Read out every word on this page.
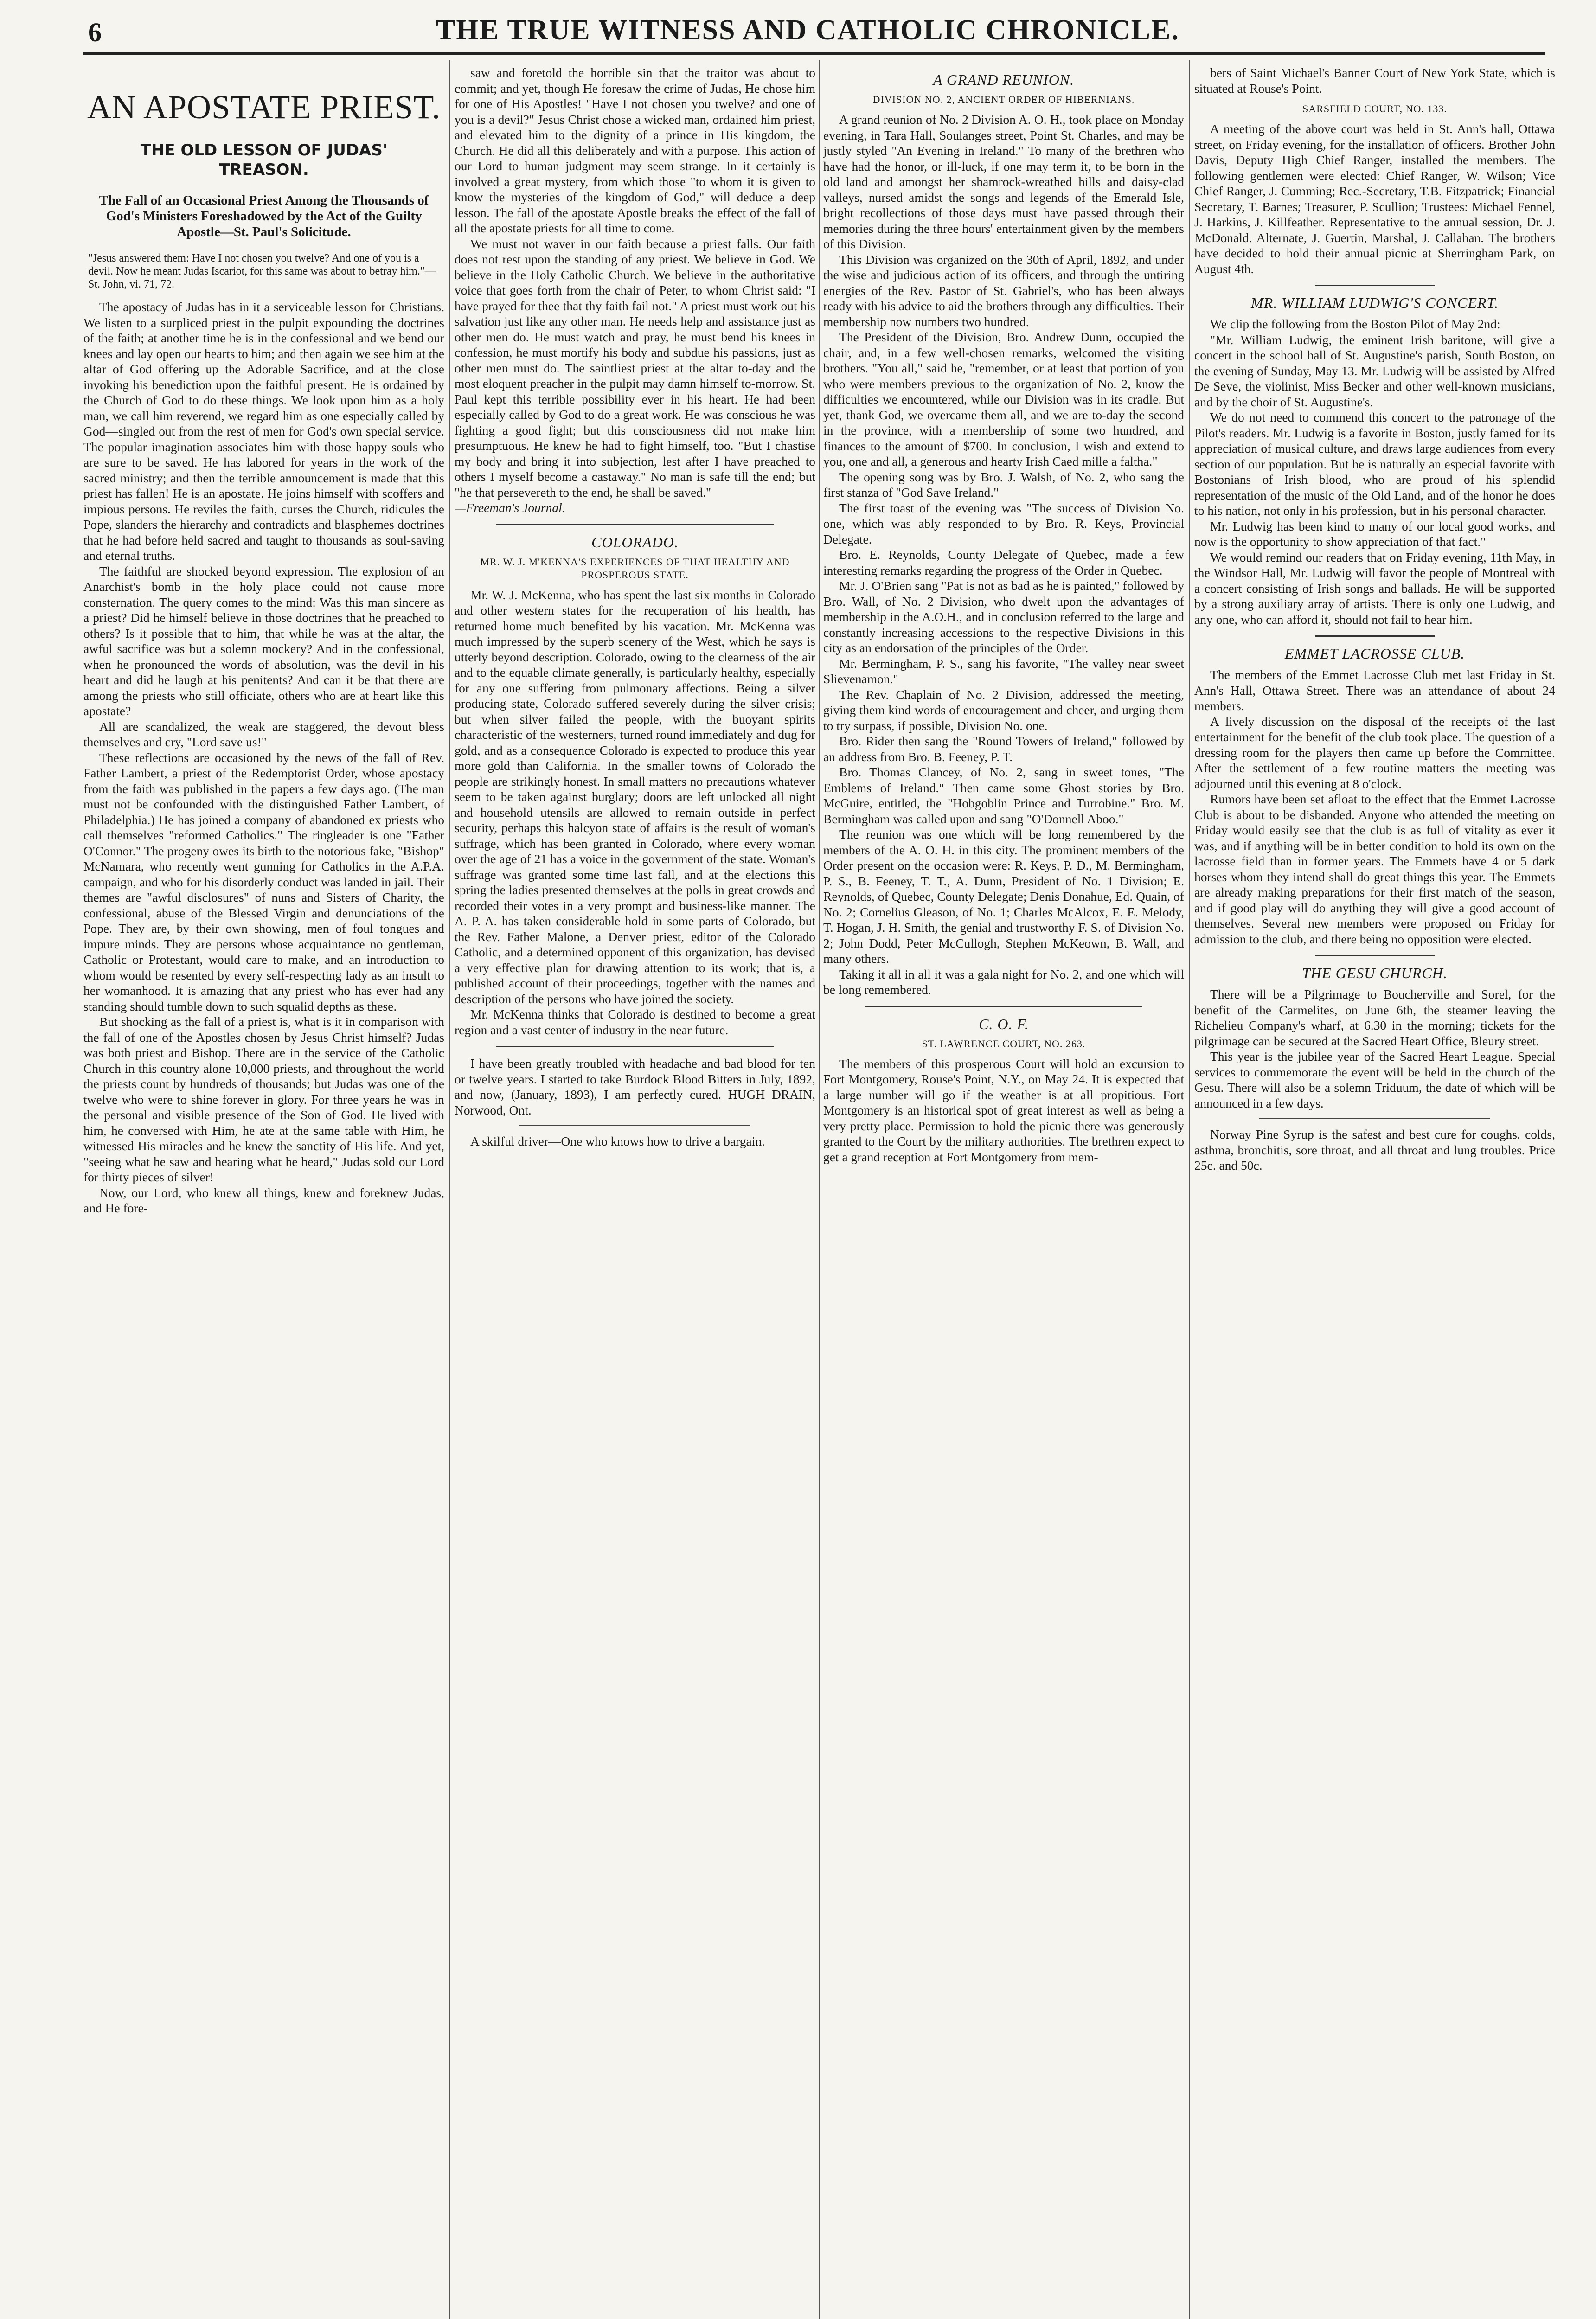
6	THE TRUE WITNESS AND CATHOLIC CHRONICLE.
AN APOSTATE PRIEST.
THE OLD LESSON OF JUDAS' TREASON.
The Fall of an Occasional Priest Among the Thousands of God's Ministers Foreshadowed by the Act of the Guilty Apostle—St. Paul's Solicitude.
"Jesus answered them: Have I not chosen you twelve? And one of you is a devil. Now he meant Judas Iscariot, for this same was about to betray him."—St. John, vi. 71, 72.

The apostacy of Judas has in it a serviceable lesson for Christians. We listen to a surpliced priest in the pulpit expounding the doctrines of the faith; at another time he is in the confessional and we bend our knees and lay open our hearts to him; and then again we see him at the altar of God offering up the Adorable Sacrifice, and at the close invoking his benediction upon the faithful present. He is ordained by the Church of God to do these things. We look upon him as a holy man, we call him reverend, we regard him as one especially called by God—singled out from the rest of men for God's own special service. The popular imagination associates him with those happy souls who are sure to be saved. He has labored for years in the work of the sacred ministry; and then the terrible announcement is made that this priest has fallen! He is an apostate. He joins himself with scoffers and impious persons. He reviles the faith, curses the Church, ridicules the Pope, slanders the hierarchy and contradicts and blasphemes doctrines that he had before held sacred and taught to thousands as soul-saving and eternal truths.

The faithful are shocked beyond expression. The explosion of an Anarchist's bomb in the holy place could not cause more consternation. The query comes to the mind: Was this man sincere as a priest? Did he himself believe in those doctrines that he preached to others? Is it possible that to him, that while he was at the altar, the awful sacrifice was but a solemn mockery? And in the confessional, when he pronounced the words of absolution, was the devil in his heart and did he laugh at his penitents? And can it be that there are among the priests who still officiate, others who are at heart like this apostate?

All are scandalized, the weak are staggered, the devout bless themselves and cry, "Lord save us!"

These reflections are occasioned by the news of the fall of Rev. Father Lambert, a priest of the Redemptorist Order, whose apostacy from the faith was published in the papers a few days ago. (The man must not be confounded with the distinguished Father Lambert, of Philadelphia.) He has joined a company of abandoned ex priests who call themselves "reformed Catholics." The ringleader is one "Father O'Connor." The progeny owes its birth to the notorious fake, "Bishop" McNamara, who recently went gunning for Catholics in the A.P.A. campaign, and who for his disorderly conduct was landed in jail. Their themes are "awful disclosures" of nuns and Sisters of Charity, the confessional, abuse of the Blessed Virgin and denunciations of the Pope. They are, by their own showing, men of foul tongues and impure minds. They are persons whose acquaintance no gentleman, Catholic or Protestant, would care to make, and an introduction to whom would be resented by every self-respecting lady as an insult to her womanhood. It is amazing that any priest who has ever had any standing should tumble down to such squalid depths as these.

But shocking as the fall of a priest is, what is it in comparison with the fall of one of the Apostles chosen by Jesus Christ himself? Judas was both priest and Bishop. There are in the service of the Catholic Church in this country alone 10,000 priests, and throughout the world the priests count by hundreds of thousands; but Judas was one of the twelve who were to shine forever in glory. For three years he was in the personal and visible presence of the Son of God. He lived with him, he conversed with Him, he ate at the same table with Him, he witnessed His miracles and he knew the sanctity of His life. And yet, "seeing what he saw and hearing what he heard," Judas sold our Lord for thirty pieces of silver!

Now, our Lord, who knew all things, knew and foreknew Judas, and He fore-

saw and foretold the horrible sin that the traitor was about to commit; and yet, though He foresaw the crime of Judas, He chose him for one of His Apostles! "Have I not chosen you twelve? and one of you is a devil?" Jesus Christ chose a wicked man, ordained him priest, and elevated him to the dignity of a prince in His kingdom, the Church. He did all this deliberately and with a purpose. This action of our Lord to human judgment may seem strange. In it certainly is involved a great mystery, from which those "to whom it is given to know the mysteries of the kingdom of God," will deduce a deep lesson. The fall of the apostate Apostle breaks the effect of the fall of all the apostate priests for all time to come.

We must not waver in our faith because a priest falls. Our faith does not rest upon the standing of any priest. We believe in God. We believe in the Holy Catholic Church. We believe in the authoritative voice that goes forth from the chair of Peter, to whom Christ said: "I have prayed for thee that thy faith fail not." A priest must work out his salvation just like any other man. He needs help and assistance just as other men do. He must watch and pray, he must bend his knees in confession, he must mortify his body and subdue his passions, just as other men must do. The saintliest priest at the altar to-day and the most eloquent preacher in the pulpit may damn himself to-morrow. St. Paul kept this terrible possibility ever in his heart. He had been especially called by God to do a great work. He was conscious he was fighting a good fight; but this consciousness did not make him presumptuous. He knew he had to fight himself, too. "But I chastise my body and bring it into subjection, lest after I have preached to others I myself become a castaway." No man is safe till the end; but "he that persevereth to the end, he shall be saved."

—Freeman's Journal.

COLORADO.
MR. W. J. M'KENNA'S EXPERIENCES OF THAT HEALTHY AND PROSPEROUS STATE.

Mr. W. J. McKenna, who has spent the last six months in Colorado and other western states for the recuperation of his health, has returned home much benefited by his vacation. Mr. McKenna was much impressed by the superb scenery of the West, which he says is utterly beyond description. Colorado, owing to the clearness of the air and to the equable climate generally, is particularly healthy, especially for any one suffering from pulmonary affections. Being a silver producing state, Colorado suffered severely during the silver crisis; but when silver failed the people, with the buoyant spirits characteristic of the westerners, turned round immediately and dug for gold, and as a consequence Colorado is expected to produce this year more gold than California. In the smaller towns of Colorado the people are strikingly honest. In small matters no precautions whatever seem to be taken against burglary; doors are left unlocked all night and household utensils are allowed to remain outside in perfect security, perhaps this halcyon state of affairs is the result of woman's suffrage, which has been granted in Colorado, where every woman over the age of 21 has a voice in the government of the state. Woman's suffrage was granted some time last fall, and at the elections this spring the ladies presented themselves at the polls in great crowds and recorded their votes in a very prompt and business-like manner. The A. P. A. has taken considerable hold in some parts of Colorado, but the Rev. Father Malone, a Denver priest, editor of the Colorado Catholic, and a determined opponent of this organization, has devised a very effective plan for drawing attention to its work; that is, a published account of their proceedings, together with the names and description of the persons who have joined the society.

Mr. McKenna thinks that Colorado is destined to become a great region and a vast center of industry in the near future.

I have been greatly troubled with headache and bad blood for ten or twelve years. I started to take Burdock Blood Bitters in July, 1892, and now, (January, 1893), I am perfectly cured. HUGH DRAIN, Norwood, Ont.

A skilful driver—One who knows how to drive a bargain.

A GRAND REUNION.
DIVISION NO. 2, ANCIENT ORDER OF HIBERNIANS.

A grand reunion of No. 2 Division A. O. H., took place on Monday evening, in Tara Hall, Soulanges street, Point St. Charles, and may be justly styled "An Evening in Ireland." To many of the brethren who have had the honor, or ill-luck, if one may term it, to be born in the old land and amongst her shamrock-wreathed hills and daisy-clad valleys, nursed amidst the songs and legends of the Emerald Isle, bright recollections of those days must have passed through their memories during the three hours' entertainment given by the members of this Division.

This Division was organized on the 30th of April, 1892, and under the wise and judicious action of its officers, and through the untiring energies of the Rev. Pastor of St. Gabriel's, who has been always ready with his advice to aid the brothers through any difficulties. Their membership now numbers two hundred.

The President of the Division, Bro. Andrew Dunn, occupied the chair, and, in a few well-chosen remarks, welcomed the visiting brothers. "You all," said he, "remember, or at least that portion of you who were members previous to the organization of No. 2, know the difficulties we encountered, while our Division was in its cradle. But yet, thank God, we overcame them all, and we are to-day the second in the province, with a membership of some two hundred, and finances to the amount of $700. In conclusion, I wish and extend to you, one and all, a generous and hearty Irish Caed mille a faltha."

The opening song was by Bro. J. Walsh, of No. 2, who sang the first stanza of "God Save Ireland."

The first toast of the evening was "The success of Division No. one, which was ably responded to by Bro. R. Keys, Provincial Delegate.

Bro. E. Reynolds, County Delegate of Quebec, made a few interesting remarks regarding the progress of the Order in Quebec.

Mr. J. O'Brien sang "Pat is not as bad as he is painted," followed by Bro. Wall, of No. 2 Division, who dwelt upon the advantages of membership in the A.O.H., and in conclusion referred to the large and constantly increasing accessions to the respective Divisions in this city as an endorsation of the principles of the Order.

Mr. Bermingham, P. S., sang his favorite, "The valley near sweet Slievenamon."

The Rev. Chaplain of No. 2 Division, addressed the meeting, giving them kind words of encouragement and cheer, and urging them to try surpass, if possible, Division No. one.

Bro. Rider then sang the "Round Towers of Ireland," followed by an address from Bro. B. Feeney, P. T.

Bro. Thomas Clancey, of No. 2, sang in sweet tones, "The Emblems of Ireland." Then came some Ghost stories by Bro. McGuire, entitled, the "Hobgoblin Prince and Turrobine." Bro. M. Bermingham was called upon and sang "O'Donnell Aboo."

The reunion was one which will be long remembered by the members of the A. O. H. in this city. The prominent members of the Order present on the occasion were: R. Keys, P. D., M. Bermingham, P. S., B. Feeney, T. T., A. Dunn, President of No. 1 Division; E. Reynolds, of Quebec, County Delegate; Denis Donahue, Ed. Quain, of No. 2; Cornelius Gleason, of No. 1; Charles McAlcox, E. E. Melody, T. Hogan, J. H. Smith, the genial and trustworthy F. S. of Division No. 2; John Dodd, Peter McCullogh, Stephen McKeown, B. Wall, and many others.

Taking it all in all it was a gala night for No. 2, and one which will be long remembered.

C. O. F.
ST. LAWRENCE COURT, NO. 263.

The members of this prosperous Court will hold an excursion to Fort Montgomery, Rouse's Point, N.Y., on May 24. It is expected that a large number will go if the weather is at all propitious. Fort Montgomery is an historical spot of great interest as well as being a very pretty place. Permission to hold the picnic there was generously granted to the Court by the military authorities. The brethren expect to get a grand reception at Fort Montgomery from mem-

bers of Saint Michael's Banner Court of New York State, which is situated at Rouse's Point.

SARSFIELD COURT, NO. 133.

A meeting of the above court was held in St. Ann's hall, Ottawa street, on Friday evening, for the installation of officers. Brother John Davis, Deputy High Chief Ranger, installed the members. The following gentlemen were elected: Chief Ranger, W. Wilson; Vice Chief Ranger, J. Cumming; Rec.-Secretary, T.B. Fitzpatrick; Financial Secretary, T. Barnes; Treasurer, P. Scullion; Trustees: Michael Fennel, J. Harkins, J. Killfeather. Representative to the annual session, Dr. J. McDonald. Alternate, J. Guertin, Marshal, J. Callahan. The brothers have decided to hold their annual picnic at Sherringham Park, on August 4th.

MR. WILLIAM LUDWIG'S CONCERT.

We clip the following from the Boston Pilot of May 2nd:

"Mr. William Ludwig, the eminent Irish baritone, will give a concert in the school hall of St. Augustine's parish, South Boston, on the evening of Sunday, May 13. Mr. Ludwig will be assisted by Alfred De Seve, the violinist, Miss Becker and other well-known musicians, and by the choir of St. Augustine's.

We do not need to commend this concert to the patronage of the Pilot's readers. Mr. Ludwig is a favorite in Boston, justly famed for its appreciation of musical culture, and draws large audiences from every section of our population. But he is naturally an especial favorite with Bostonians of Irish blood, who are proud of his splendid representation of the music of the Old Land, and of the honor he does to his nation, not only in his profession, but in his personal character.

Mr. Ludwig has been kind to many of our local good works, and now is the opportunity to show appreciation of that fact."

We would remind our readers that on Friday evening, 11th May, in the Windsor Hall, Mr. Ludwig will favor the people of Montreal with a concert consisting of Irish songs and ballads. He will be supported by a strong auxiliary array of artists. There is only one Ludwig, and any one, who can afford it, should not fail to hear him.

EMMET LACROSSE CLUB.

The members of the Emmet Lacrosse Club met last Friday in St. Ann's Hall, Ottawa Street. There was an attendance of about 24 members.

A lively discussion on the disposal of the receipts of the last entertainment for the benefit of the club took place. The question of a dressing room for the players then came up before the Committee. After the settlement of a few routine matters the meeting was adjourned until this evening at 8 o'clock.

Rumors have been set afloat to the effect that the Emmet Lacrosse Club is about to be disbanded. Anyone who attended the meeting on Friday would easily see that the club is as full of vitality as ever it was, and if anything will be in better condition to hold its own on the lacrosse field than in former years. The Emmets have 4 or 5 dark horses whom they intend shall do great things this year. The Emmets are already making preparations for their first match of the season, and if good play will do anything they will give a good account of themselves. Several new members were proposed on Friday for admission to the club, and there being no opposition were elected.

THE GESU CHURCH.

There will be a Pilgrimage to Boucherville and Sorel, for the benefit of the Carmelites, on June 6th, the steamer leaving the Richelieu Company's wharf, at 6.30 in the morning; tickets for the pilgrimage can be secured at the Sacred Heart Office, Bleury street.

This year is the jubilee year of the Sacred Heart League. Special services to commemorate the event will be held in the church of the Gesu. There will also be a solemn Triduum, the date of which will be announced in a few days.

Norway Pine Syrup is the safest and best cure for coughs, colds, asthma, bronchitis, sore throat, and all throat and lung troubles. Price 25c. and 50c.
